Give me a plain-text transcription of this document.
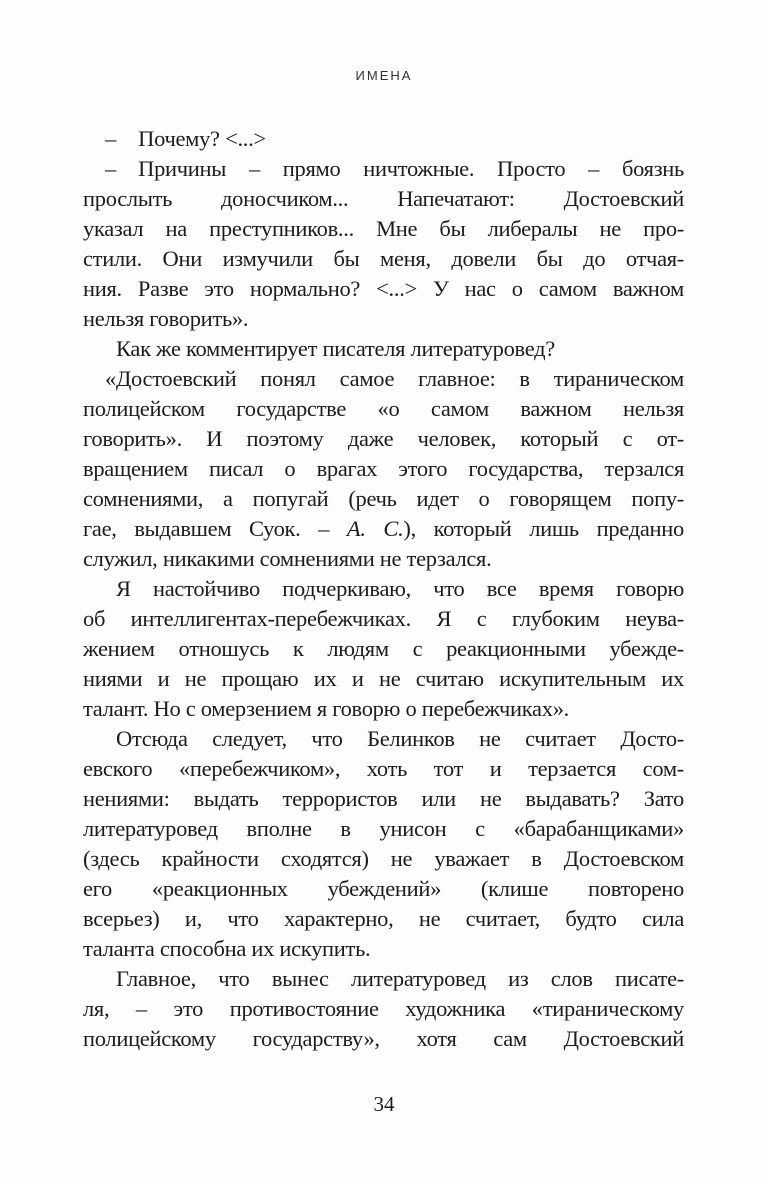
ИМЕНА
– Почему? <...>
– Причины – прямо ничтожные. Просто – боязнь
прослыть доносчиком... Напечатают: Достоевский
указал на преступников... Мне бы либералы не про-
стили. Они измучили бы меня, довели бы до отчая-
ния. Разве это нормально? <...> У нас о самом важном
нельзя говорить».
Как же комментирует писателя литературовед?
«Достоевский понял самое главное: в тираническом
полицейском государстве «о самом важном нельзя
говорить». И поэтому даже человек, который с от-
вращением писал о врагах этого государства, терзался
сомнениями, а попугай (речь идет о говорящем попу-
гае, выдавшем Суок. – А. С.), который лишь преданно
служил, никакими сомнениями не терзался.
Я настойчиво подчеркиваю, что все время говорю
об интеллигентах-перебежчиках. Я с глубоким неува-
жением отношусь к людям с реакционными убежде-
ниями и не прощаю их и не считаю искупительным их
талант. Но с омерзением я говорю о перебежчиках».
Отсюда следует, что Белинков не считает Досто-
евского «перебежчиком», хоть тот и терзается сом-
нениями: выдать террористов или не выдавать? Зато
литературовед вполне в унисон с «барабанщиками»
(здесь крайности сходятся) не уважает в Достоевском
его «реакционных убеждений» (клише повторено
всерьез) и, что характерно, не считает, будто сила
таланта способна их искупить.
Главное, что вынес литературовед из слов писате-
ля, – это противостояние художника «тираническому
полицейскому государству», хотя сам Достоевский
34
